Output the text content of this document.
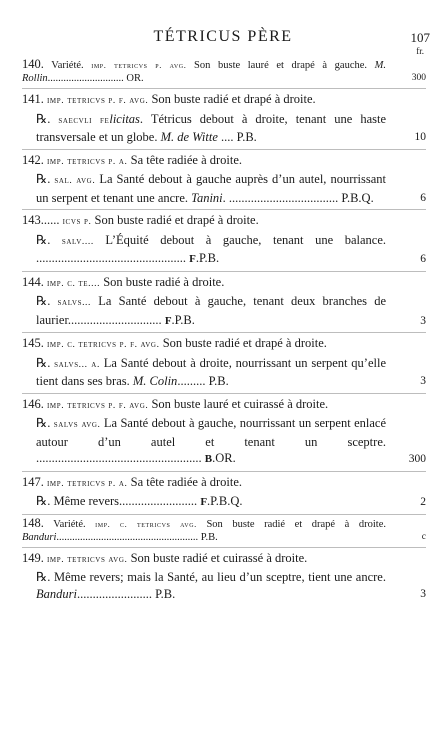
TÉTRICUS PÈRE	107
fr.
140. Variété. imp. tetricvs p. avg. Son buste lauré et drapé à gauche. M. Rollin............................. OR.	300
141. imp. tetricvs p. f. avg. Son buste radié et drapé à droite.
℞. saecvli felicitas. Tétricus debout à droite, tenant une haste transversale et un globe. M. de Witte .... P.B.	10
142. imp. tetricvs p. a. Sa tête radiée à droite.
℞. sal. avg. La Santé debout à gauche auprès d’un autel, nourrissant un serpent et tenant une ancre. Tanini. ................................... P.B.Q.	6
143...... icvs p. Son buste radié et drapé à droite.
℞. salv.... L’Équité debout à gauche, tenant une balance. ................................................ F.P.B.	6
144. imp. c. te.... Son buste radié à droite.
℞. salvs... La Santé debout à gauche, tenant deux branches de laurier.............................. F.P.B.	3
145. imp. c. tetricvs p. f. avg. Son buste radié et drapé à droite.
℞. salvs... a. La Santé debout à droite, nourrissant un serpent qu’elle tient dans ses bras. M. Colin......... P.B.	3
146. imp. tetricvs p. f. avg. Son buste lauré et cuirassé à droite.
℞. salvs avg. La Santé debout à gauche, nourrissant un serpent enlacé autour d’un autel et tenant un sceptre. ..................................................... B.OR.	300
147. imp. tetricvs p. a. Sa tête radiée à droite.
℞. Même revers......................... F.P.B.Q.	2
148. Variété. imp. c. tetricvs avg. Son buste radié et drapé à droite. Banduri...................................................... P.B.	c
149. imp. tetricvs avg. Son buste radié et cuirassé à droite.
℞. Même revers; mais la Santé, au lieu d’un sceptre, tient une ancre. Banduri........................ P.B.	3
